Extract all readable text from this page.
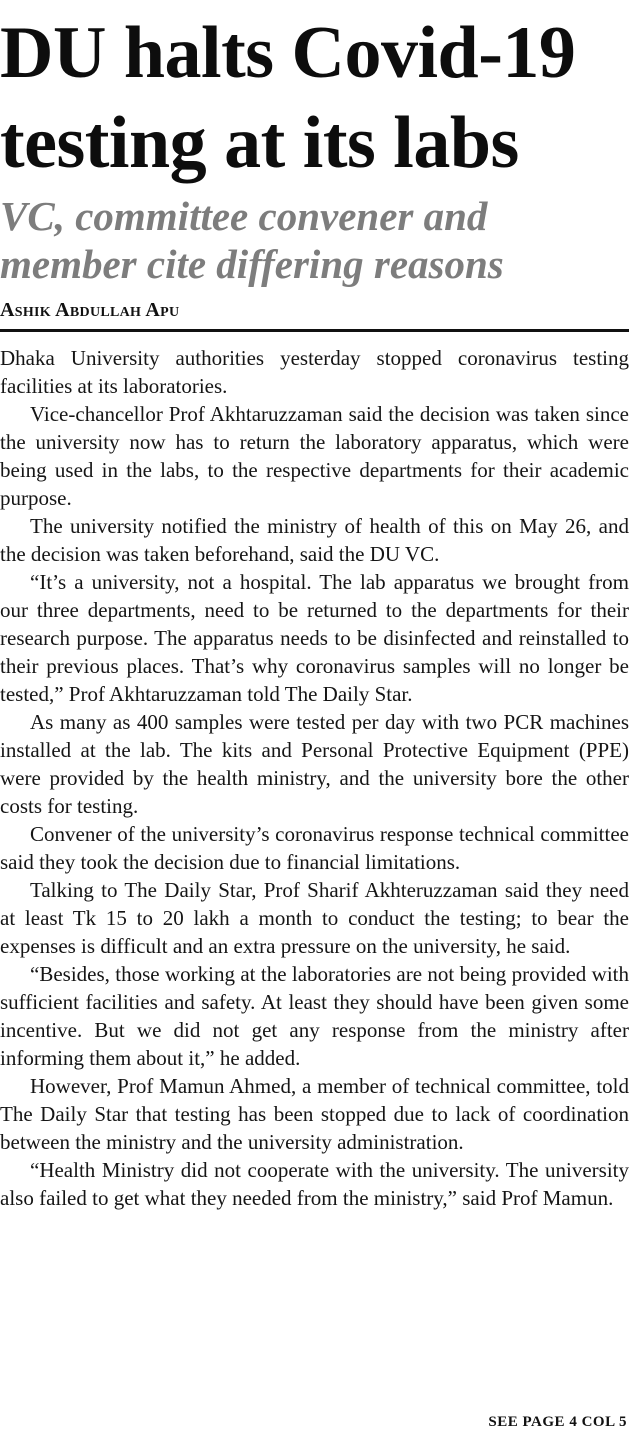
DU halts Covid-19
testing at its labs
VC, committee convener and
member cite differing reasons
Ashik Abdullah Apu

Dhaka University authorities yesterday stopped coronavirus testing facilities at its laboratories.

Vice-chancellor Prof Akhtaruzzaman said the decision was taken since the university now has to return the laboratory apparatus, which were being used in the labs, to the respective departments for their academic purpose.

The university notified the ministry of health of this on May 26, and the decision was taken beforehand, said the DU VC.

“It’s a university, not a hospital. The lab apparatus we brought from our three departments, need to be returned to the departments for their research purpose. The apparatus needs to be disinfected and reinstalled to their previous places. That’s why coronavirus samples will no longer be tested,” Prof Akhtaruzzaman told The Daily Star.

As many as 400 samples were tested per day with two PCR machines installed at the lab. The kits and Personal Protective Equipment (PPE) were provided by the health ministry, and the university bore the other costs for testing.

Convener of the university’s coronavirus response technical committee said they took the decision due to financial limitations.

Talking to The Daily Star, Prof Sharif Akhteruzzaman said they need at least Tk 15 to 20 lakh a month to conduct the testing; to bear the expenses is difficult and an extra pressure on the university, he said.

“Besides, those working at the laboratories are not being provided with sufficient facilities and safety. At least they should have been given some incentive. But we did not get any response from the ministry after informing them about it,” he added.

However, Prof Mamun Ahmed, a member of technical committee, told The Daily Star that testing has been stopped due to lack of coordination between the ministry and the university administration.

“Health Ministry did not cooperate with the university. The university also failed to get what they needed from the ministry,” said Prof Mamun.

SEE PAGE 4 COL 5
